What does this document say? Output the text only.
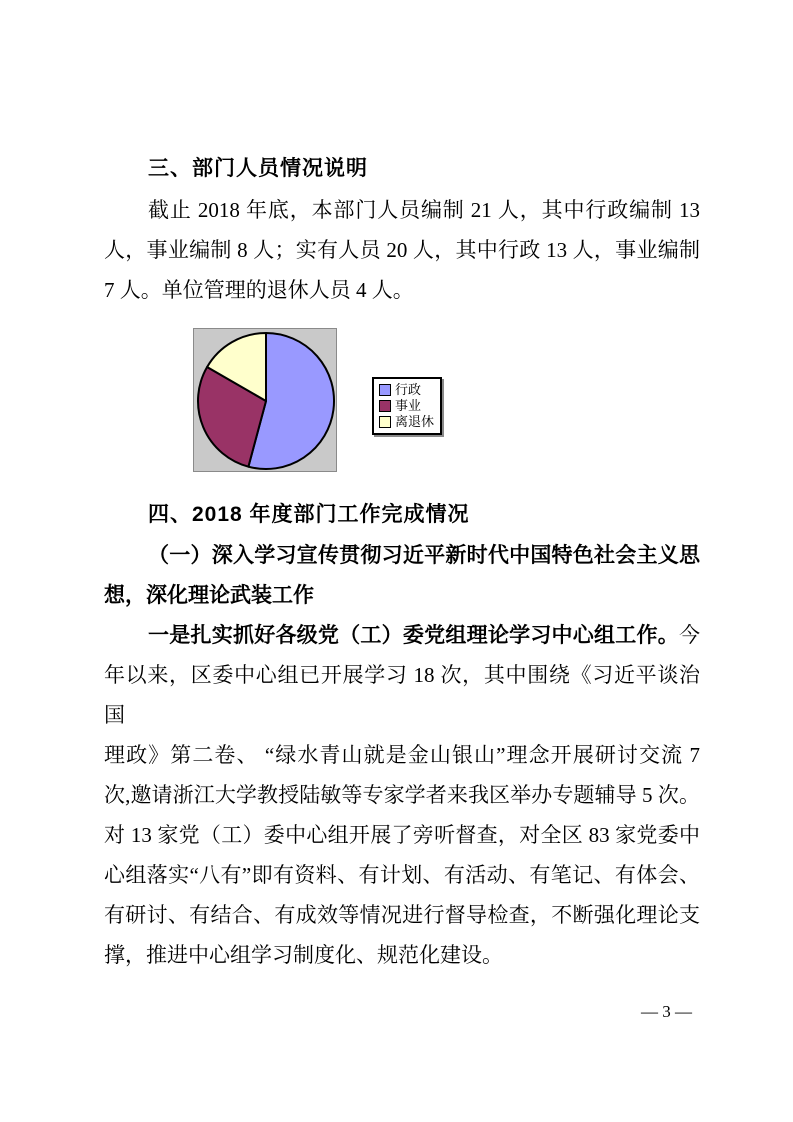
三、部门人员情况说明
截止 2018 年底，本部门人员编制 21 人，其中行政编制 13
人，事业编制 8 人；实有人员 20 人，其中行政 13 人，事业编制
7 人。单位管理的退休人员 4 人。
行政
事业
离退休
四、2018 年度部门工作完成情况
（一）深入学习宣传贯彻习近平新时代中国特色社会主义思
想，深化理论武装工作
一是扎实抓好各级党（工）委党组理论学习中心组工作。今
年以来，区委中心组已开展学习 18 次，其中围绕《习近平谈治国
理政》第二卷、 “绿水青山就是金山银山”理念开展研讨交流 7
次,邀请浙江大学教授陆敏等专家学者来我区举办专题辅导 5 次。
对 13 家党（工）委中心组开展了旁听督查，对全区 83 家党委中
心组落实“八有”即有资料、有计划、有活动、有笔记、有体会、
有研讨、有结合、有成效等情况进行督导检查，不断强化理论支
撑，推进中心组学习制度化、规范化建设。
— 3 —
